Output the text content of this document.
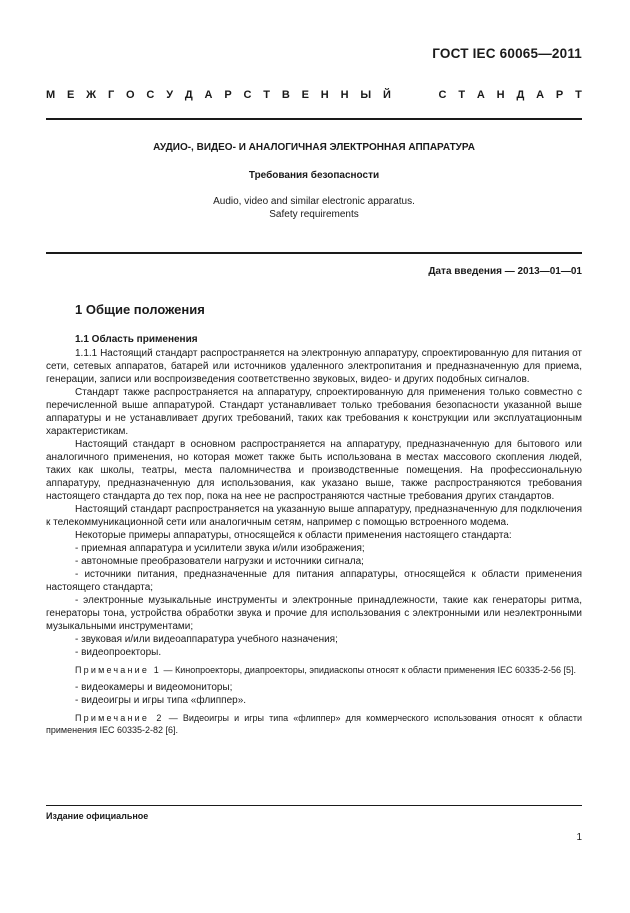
ГОСТ IEC 60065—2011
М Е Ж Г О С У Д А Р С Т В Е Н Н Ы Й	С Т А Н Д А Р Т
АУДИО-, ВИДЕО- И АНАЛОГИЧНАЯ ЭЛЕКТРОННАЯ АППАРАТУРА
Требования безопасности
Audio, video and similar electronic apparatus.
Safety requirements
Дата введения — 2013—01—01
1 Общие положения
1.1 Область применения

1.1.1 Настоящий стандарт распространяется на электронную аппаратуру, спроектированную для питания от сети, сетевых аппаратов, батарей или источников удаленного электропитания и предназначенную для приема, генерации, записи или воспроизведения соответственно звуковых, видео- и других подобных сигналов.

Стандарт также распространяется на аппаратуру, спроектированную для применения только совместно с перечисленной выше аппаратурой. Стандарт устанавливает только требования безопасности указанной выше аппаратуры и не устанавливает других требований, таких как требования к конструкции или эксплуатационным характеристикам.

Настоящий стандарт в основном распространяется на аппаратуру, предназначенную для бытового или аналогичного применения, но которая может также быть использована в местах массового скопления людей, таких как школы, театры, места паломничества и производственные помещения. На профессиональную аппаратуру, предназначенную для использования, как указано выше, также распространяются требования настоящего стандарта до тех пор, пока на нее не распространяются частные требования других стандартов.

Настоящий стандарт распространяется на указанную выше аппаратуру, предназначенную для подключения к телекоммуникационной сети или аналогичным сетям, например с помощью встроенного модема.

Некоторые примеры аппаратуры, относящейся к области применения настоящего стандарта:

- приемная аппаратура и усилители звука и/или изображения;

- автономные преобразователи нагрузки и источники сигнала;

- источники питания, предназначенные для питания аппаратуры, относящейся к области применения настоящего стандарта;

- электронные музыкальные инструменты и электронные принадлежности, такие как генераторы ритма, генераторы тона, устройства обработки звука и прочие для использования с электронными или неэлектронными музыкальными инструментами;

- звуковая и/или видеоаппаратура учебного назначения;

- видеопроекторы.

Примечание 1 — Кинопроекторы, диапроекторы, эпидиаскопы относят к области применения IEC 60335-2-56 [5].

- видеокамеры и видеомониторы;

- видеоигры и игры типа «флиппер».

Примечание 2 — Видеоигры и игры типа «флиппер» для коммерческого использования относят к области применения IEC 60335-2-82 [6].

Издание официальное
1
